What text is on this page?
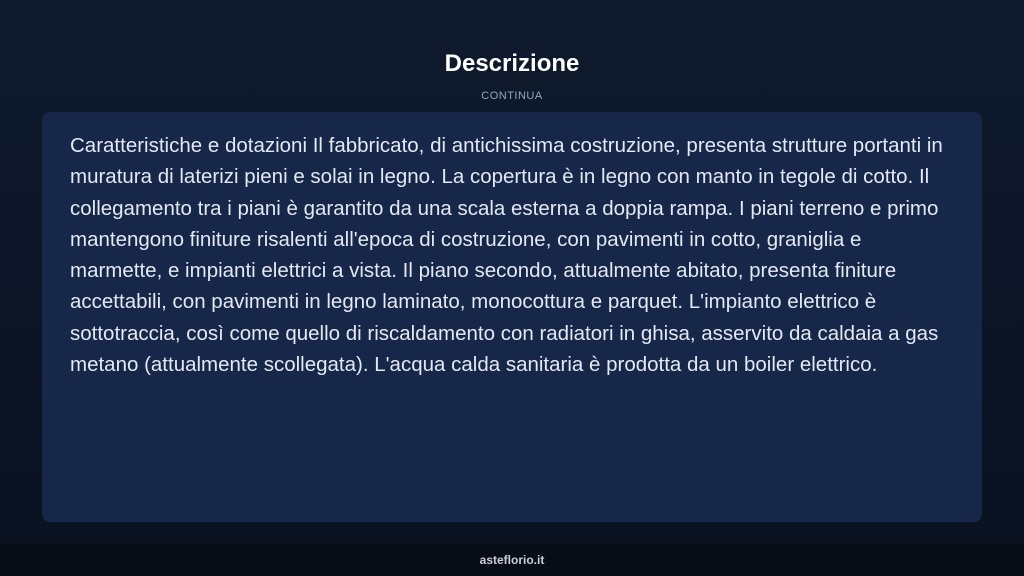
Descrizione
CONTINUA

Caratteristiche e dotazioni Il fabbricato, di antichissima costruzione, presenta strutture portanti in muratura di laterizi pieni e solai in legno. La copertura è in legno con manto in tegole di cotto. Il collegamento tra i piani è garantito da una scala esterna a doppia rampa. I piani terreno e primo mantengono finiture risalenti all'epoca di costruzione, con pavimenti in cotto, graniglia e marmette, e impianti elettrici a vista. Il piano secondo, attualmente abitato, presenta finiture accettabili, con pavimenti in legno laminato, monocottura e parquet. L'impianto elettrico è sottotraccia, così come quello di riscaldamento con radiatori in ghisa, asservito da caldaia a gas metano (attualmente scollegata). L'acqua calda sanitaria è prodotta da un boiler elettrico.

asteflorio.it
